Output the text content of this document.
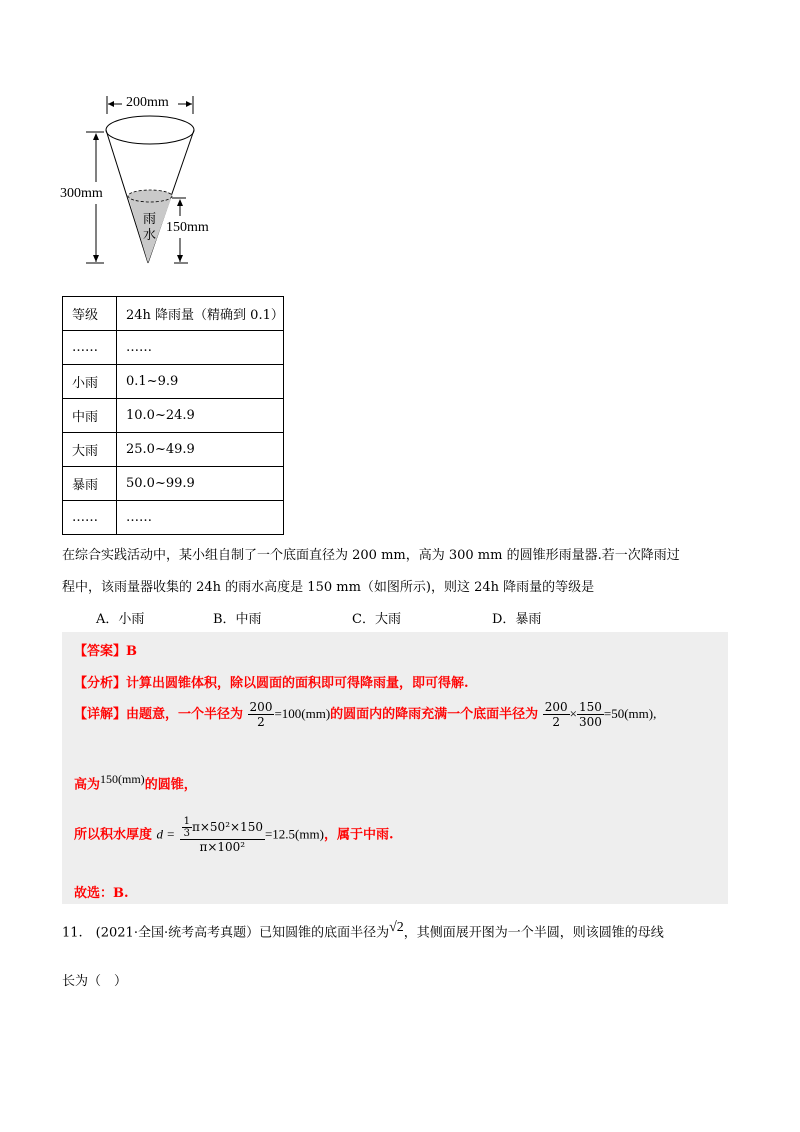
200mm
300mm
150mm
雨
水
等级	24h 降雨量（精确到 0.1）
……	……
小雨	0.1~9.9
中雨	10.0~24.9
大雨	25.0~49.9
暴雨	50.0~99.9
……	……
在综合实践活动中，某小组自制了一个底面直径为 200 mm，高为 300 mm 的圆锥形雨量器.若一次降雨过
程中，该雨量器收集的 24h 的雨水高度是 150 mm（如图所示)，则这 24h 降雨量的等级是
A．小雨	B．中雨	C．大雨	D．暴雨
【答案】B
【分析】计算出圆锥体积，除以圆面的面积即可得降雨量，即可得解.
【详解】由题意，一个半径为 $\frac{200}{2} =100(mm)$的圆面内的降雨充满一个底面半径为 $\frac{200}{2} \times \frac{150}{300} =50(mm)$,
高为$^{150(mm)}$的圆锥，
所以积水厚度 $d = \frac{\frac{1}{3} \pi\times 50^2\times 150}{\text{π×100²}} =12.5(mm)$，属于中雨.
故选：B.
11.　(2021·全国·统考高考真题）已知圆锥的底面半径为$^{√2}$，其侧面展开图为一个半圆，则该圆锥的母线
长为（　）
